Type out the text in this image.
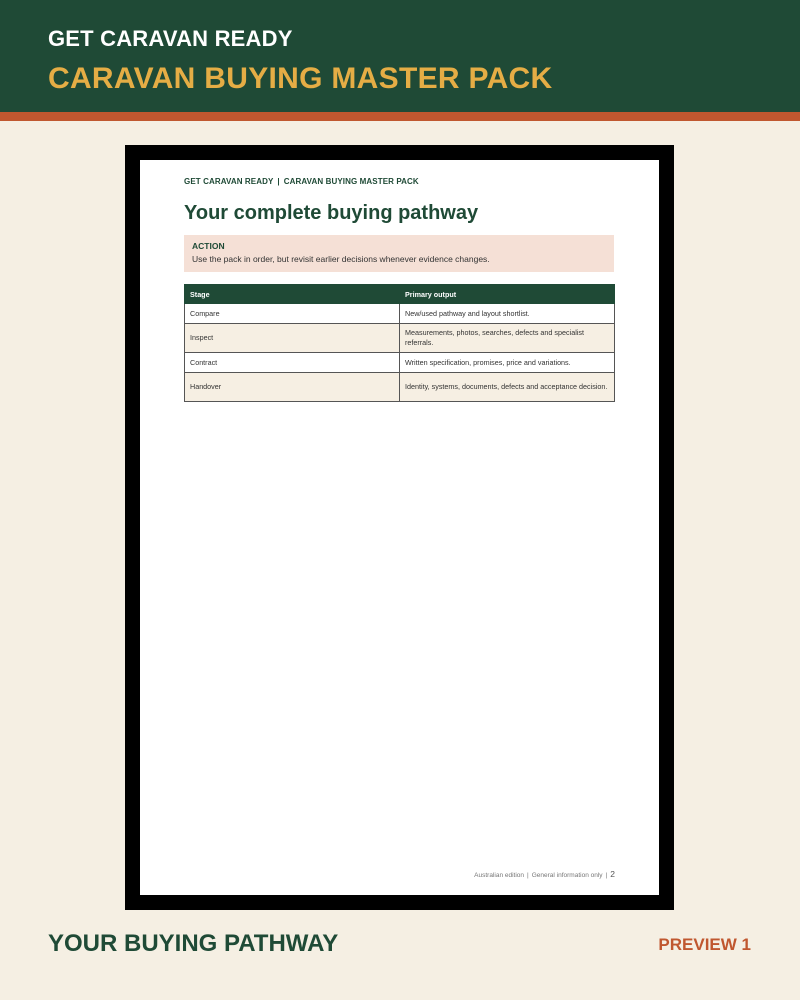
GET CARAVAN READY
CARAVAN BUYING MASTER PACK
GET CARAVAN READY | CARAVAN BUYING MASTER PACK
Your complete buying pathway
ACTION
Use the pack in order, but revisit earlier decisions whenever evidence changes.
Stage	Primary output
Compare	New/used pathway and layout shortlist.
Inspect	Measurements, photos, searches, defects and specialist referrals.
Contract	Written specification, promises, price and variations.
Handover	Identity, systems, documents, defects and acceptance decision.
Australian edition | General information only | 2
YOUR BUYING PATHWAY	PREVIEW 1
